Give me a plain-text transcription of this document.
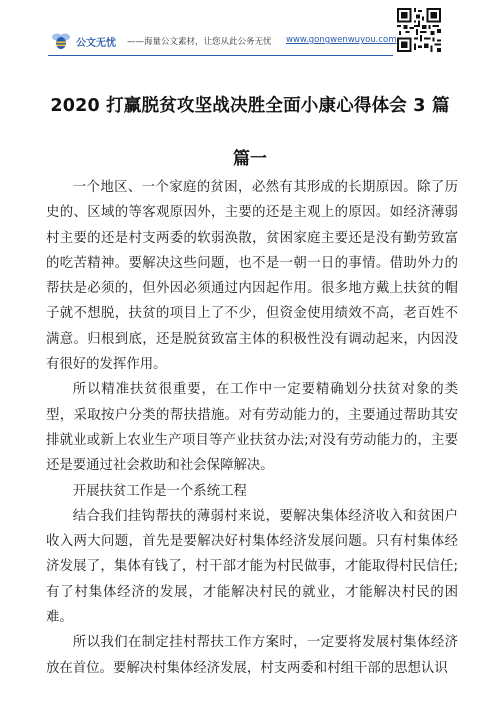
公文无忧 ——海量公文素材，让您从此公务无忧 www.gongwenwuyou.com
2020 打赢脱贫攻坚战决胜全面小康心得体会 3 篇
篇一

一个地区、一个家庭的贫困，必然有其形成的长期原因。除了历史的、区域的等客观原因外，主要的还是主观上的原因。如经济薄弱村主要的还是村支两委的软弱涣散，贫困家庭主要还是没有勤劳致富的吃苦精神。要解决这些问题，也不是一朝一日的事情。借助外力的帮扶是必须的，但外因必须通过内因起作用。很多地方戴上扶贫的帽子就不想脱，扶贫的项目上了不少，但资金使用绩效不高，老百姓不满意。归根到底，还是脱贫致富主体的积极性没有调动起来，内因没有很好的发挥作用。

所以精准扶贫很重要，在工作中一定要精确划分扶贫对象的类型，采取按户分类的帮扶措施。对有劳动能力的，主要通过帮助其安排就业或新上农业生产项目等产业扶贫办法;对没有劳动能力的，主要还是要通过社会救助和社会保障解决。

开展扶贫工作是一个系统工程

结合我们挂钩帮扶的薄弱村来说，要解决集体经济收入和贫困户收入两大问题，首先是要解决好村集体经济发展问题。只有村集体经济发展了，集体有钱了，村干部才能为村民做事，才能取得村民信任;有了村集体经济的发展，才能解决村民的就业，才能解决村民的困难。

所以我们在制定挂村帮扶工作方案时，一定要将发展村集体经济放在首位。要解决村集体经济发展，村支两委和村组干部的思想认识
